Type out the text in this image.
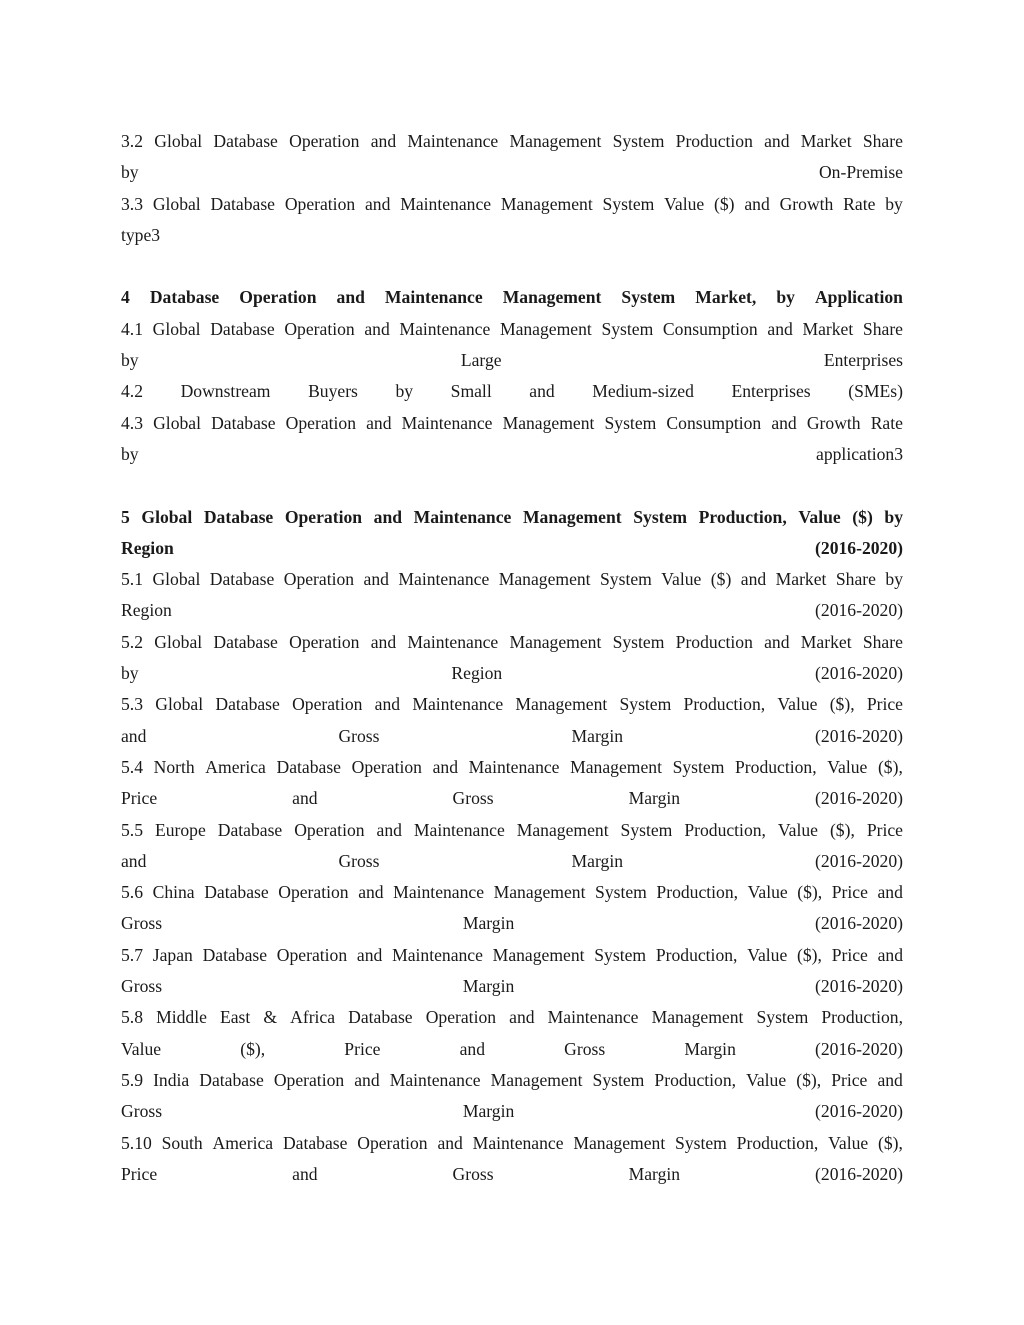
3.2 Global Database Operation and Maintenance Management System Production and Market Share
by	On-Premise
3.3 Global Database Operation and Maintenance Management System Value ($) and Growth Rate by
type3
4 Database Operation and Maintenance Management System Market, by Application
4.1 Global Database Operation and Maintenance Management System Consumption and Market Share
by	Large	Enterprises
4.2 Downstream Buyers by Small and Medium-sized Enterprises (SMEs)
4.3 Global Database Operation and Maintenance Management System Consumption and Growth Rate
by	application3
5 Global Database Operation and Maintenance Management System Production, Value ($) by
Region	(2016-2020)
5.1 Global Database Operation and Maintenance Management System Value ($) and Market Share by
Region	(2016-2020)
5.2 Global Database Operation and Maintenance Management System Production and Market Share
by	Region	(2016-2020)
5.3 Global Database Operation and Maintenance Management System Production, Value ($), Price
and	Gross	Margin	(2016-2020)
5.4 North America Database Operation and Maintenance Management System Production, Value ($),
Price	and	Gross	Margin	(2016-2020)
5.5 Europe Database Operation and Maintenance Management System Production, Value ($), Price
and	Gross	Margin	(2016-2020)
5.6 China Database Operation and Maintenance Management System Production, Value ($), Price and
Gross	Margin	(2016-2020)
5.7 Japan Database Operation and Maintenance Management System Production, Value ($), Price and
Gross	Margin	(2016-2020)
5.8 Middle East & Africa Database Operation and Maintenance Management System Production,
Value	($),	Price	and	Gross	Margin	(2016-2020)
5.9 India Database Operation and Maintenance Management System Production, Value ($), Price and
Gross	Margin	(2016-2020)
5.10 South America Database Operation and Maintenance Management System Production, Value ($),
Price	and	Gross	Margin	(2016-2020)
